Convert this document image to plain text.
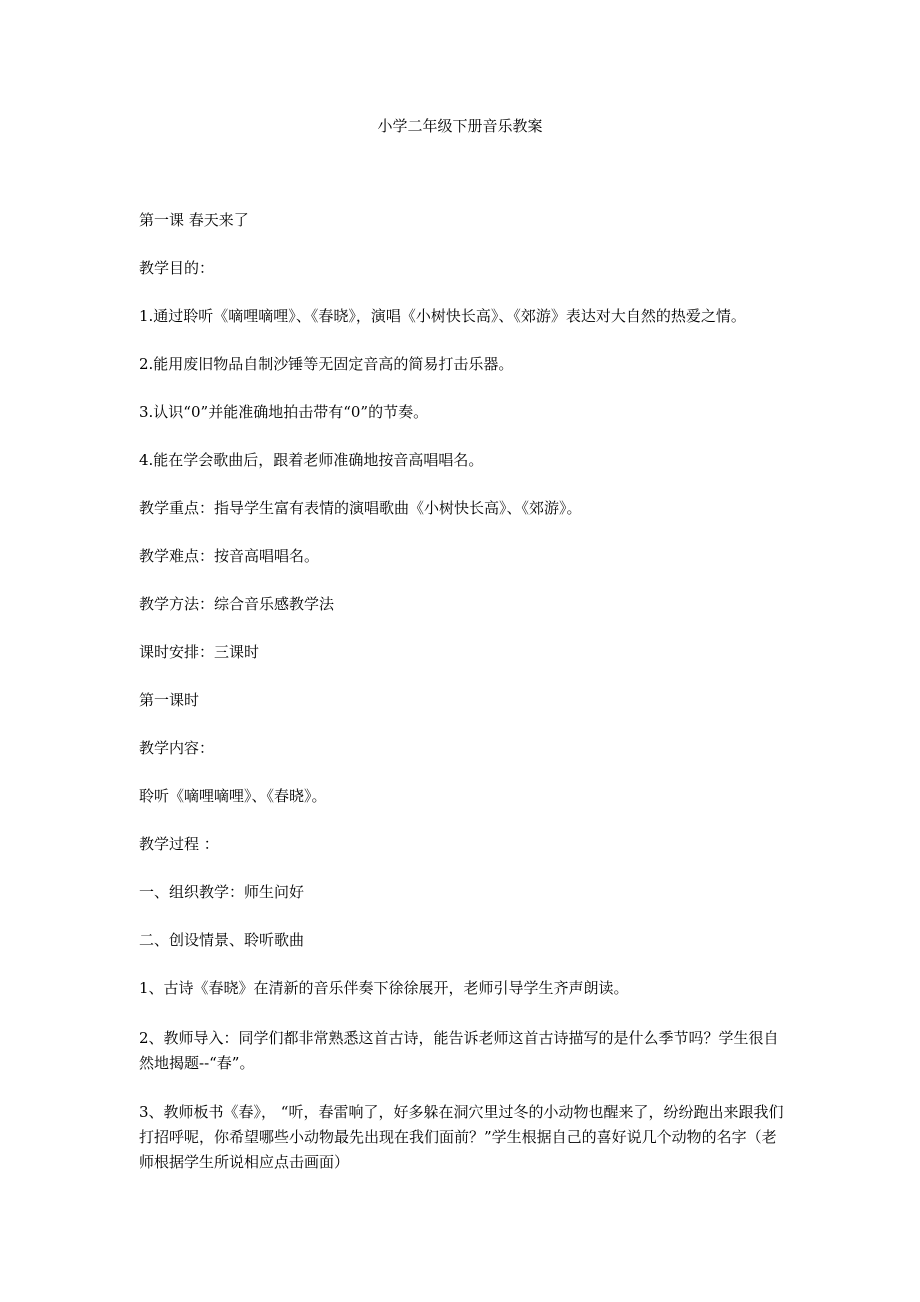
小学二年级下册音乐教案

第一课 春天来了

教学目的：

1.通过聆听《嘀哩嘀哩》、《春晓》，演唱《小树快长高》、《郊游》表达对大自然的热爱之情。

2.能用废旧物品自制沙锤等无固定音高的简易打击乐器。

3.认识“0”并能准确地拍击带有“0”的节奏。

4.能在学会歌曲后，跟着老师准确地按音高唱唱名。

教学重点：指导学生富有表情的演唱歌曲《小树快长高》、《郊游》。

教学难点：按音高唱唱名。

教学方法：综合音乐感教学法

课时安排：三课时

第一课时

教学内容：

聆听《嘀哩嘀哩》、《春晓》。

教学过程 ：

一、组织教学：师生问好

二、创设情景、聆听歌曲

1、古诗《春晓》在清新的音乐伴奏下徐徐展开，老师引导学生齐声朗读。

2、教师导入：同学们都非常熟悉这首古诗，能告诉老师这首古诗描写的是什么季节吗？学生很自然地揭题--“春”。

3、教师板书《春》， “听，春雷响了，好多躲在洞穴里过冬的小动物也醒来了，纷纷跑出来跟我们打招呼呢，你希望哪些小动物最先出现在我们面前？”学生根据自己的喜好说几个动物的名字（老师根据学生所说相应点击画面）
